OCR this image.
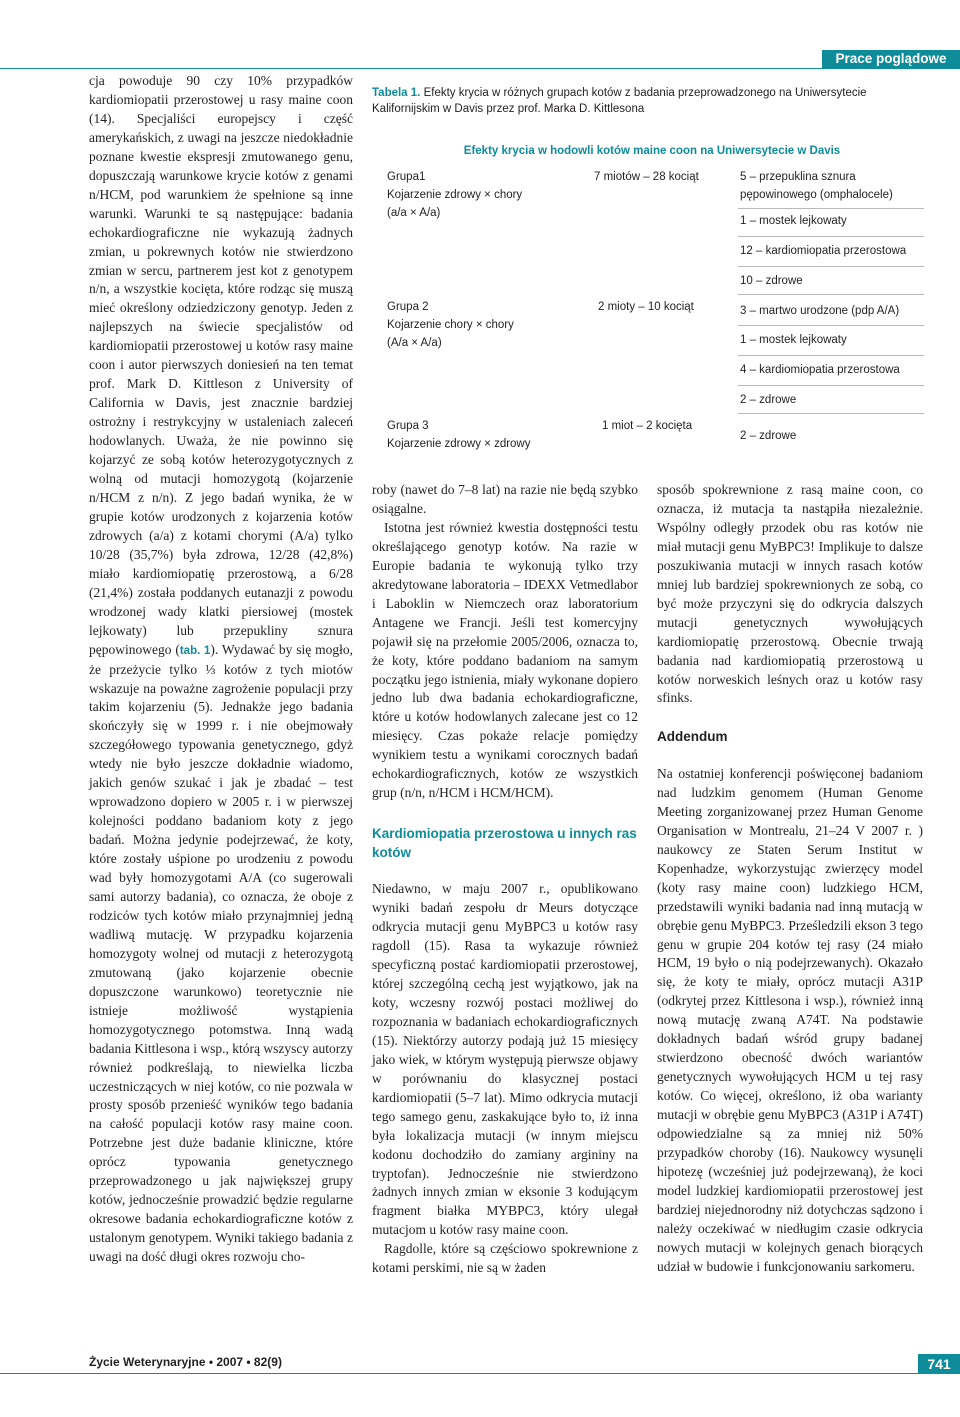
Prace poglądowe

cja powoduje 90 czy 10% przypadków kardiomiopatii przerostowej u rasy maine coon (14). Specjaliści europejscy i część amerykańskich, z uwagi na jeszcze niedokładnie poznane kwestie ekspresji zmutowanego genu, dopuszczają warunkowe krycie kotów z genami n/HCM, pod warunkiem że spełnione są inne warunki. Warunki te są następujące: badania echokardiograficzne nie wykazują żadnych zmian, u pokrewnych kotów nie stwierdzono zmian w sercu, partnerem jest kot z genotypem n/n, a wszystkie kocięta, które rodząc się muszą mieć określony odziedziczony genotyp. Jeden z najlepszych na świecie specjalistów od kardiomiopatii przerostowej u kotów rasy maine coon i autor pierwszych doniesień na ten temat prof. Mark D. Kittleson z University of California w Davis, jest znacznie bardziej ostrożny i restrykcyjny w ustaleniach zaleceń hodowlanych. Uważa, że nie powinno się kojarzyć ze sobą kotów heterozygotycznych z wolną od mutacji homozygotą (kojarzenie n/HCM z n/n). Z jego badań wynika, że w grupie kotów urodzonych z kojarzenia kotów zdrowych (a/a) z kotami chorymi (A/a) tylko 10/28 (35,7%) była zdrowa, 12/28 (42,8%) miało kardiomiopatię przerostową, a 6/28 (21,4%) została poddanych eutanazji z powodu wrodzonej wady klatki piersiowej (mostek lejkowaty) lub przepukliny sznura pępowinowego (tab. 1). Wydawać by się mogło, że przeżycie tylko ⅓ kotów z tych miotów wskazuje na poważne zagrożenie populacji przy takim kojarzeniu (5). Jednakże jego badania skończyły się w 1999 r. i nie obejmowały szczegółowego typowania genetycznego, gdyż wtedy nie było jeszcze dokładnie wiadomo, jakich genów szukać i jak je zbadać – test wprowadzono dopiero w 2005 r. i w pierwszej kolejności poddano badaniom koty z jego badań. Można jedynie podejrzewać, że koty, które zostały uśpione po urodzeniu z powodu wad były homozygotami A/A (co sugerowali sami autorzy badania), co oznacza, że oboje z rodziców tych kotów miało przynajmniej jedną wadliwą mutację. W przypadku kojarzenia homozygoty wolnej od mutacji z heterozygotą zmutowaną (jako kojarzenie obecnie dopuszczone warunkowo) teoretycznie nie istnieje możliwość wystąpienia homozygotycznego potomstwa. Inną wadą badania Kittlesona i wsp., którą wszyscy autorzy również podkreślają, to niewielka liczba uczestniczących w niej kotów, co nie pozwala w prosty sposób przenieść wyników tego badania na całość populacji kotów rasy maine coon. Potrzebne jest duże badanie kliniczne, które oprócz typowania genetycznego przeprowadzonego u jak największej grupy kotów, jednocześnie prowadzić będzie regularne okresowe badania echokardiograficzne kotów z ustalonym genotypem. Wyniki takiego badania z uwagi na dość długi okres rozwoju cho-

Tabela 1. Efekty krycia w różnych grupach kotów z badania przeprowadzonego na Uniwersytecie Kalifornijskim w Davis przez prof. Marka D. Kittlesona
Efekty krycia w hodowli kotów maine coon na Uniwersytecie w Davis
Grupa1
Kojarzenie zdrowy × chory
(a/a × A/a)
7 miotów – 28 kociąt	5 – przepuklina sznura pępowinowego (omphalocele)
1 – mostek lejkowaty
12 – kardiomiopatia przerostowa
10 – zdrowe
Grupa 2
Kojarzenie chory × chory
(A/a × A/a)
2 mioty – 10 kociąt	3 – martwo urodzone (pdp A/A)
1 – mostek lejkowaty
4 – kardiomiopatia przerostowa
2 – zdrowe
Grupa 3
Kojarzenie zdrowy × zdrowy
1 miot – 2 kocięta
2 – zdrowe

roby (nawet do 7–8 lat) na razie nie będą szybko osiągalne.

Istotna jest również kwestia dostępności testu określającego genotyp kotów. Na razie w Europie badania te wykonują tylko trzy akredytowane laboratoria – IDEXX Vetmedlabor i Laboklin w Niemczech oraz laboratorium Antagene we Francji. Jeśli test komercyjny pojawił się na przełomie 2005/2006, oznacza to, że koty, które poddano badaniom na samym początku jego istnienia, miały wykonane dopiero jedno lub dwa badania echokardiograficzne, które u kotów hodowlanych zalecane jest co 12 miesięcy. Czas pokaże relacje pomiędzy wynikiem testu a wynikami corocznych badań echokardiograficznych, kotów ze wszystkich grup (n/n, n/HCM i HCM/HCM).

Kardiomiopatia przerostowa u innych ras kotów

Niedawno, w maju 2007 r., opublikowano wyniki badań zespołu dr Meurs dotyczące odkrycia mutacji genu MyBPC3 u kotów rasy ragdoll (15). Rasa ta wykazuje również specyficzną postać kardiomiopatii przerostowej, której szczególną cechą jest wyjątkowo, jak na koty, wczesny rozwój postaci możliwej do rozpoznania w badaniach echokardiograficznych (15). Niektórzy autorzy podają już 15 miesięcy jako wiek, w którym występują pierwsze objawy w porównaniu do klasycznej postaci kardiomiopatii (5–7 lat). Mimo odkrycia mutacji tego samego genu, zaskakujące było to, iż inna była lokalizacja mutacji (w innym miejscu kodonu dochodziło do zamiany argininy na tryptofan). Jednocześnie nie stwierdzono żadnych innych zmian w eksonie 3 kodującym fragment białka MYBPC3, który ulegał mutacjom u kotów rasy maine coon.

Ragdolle, które są częściowo spokrewnione z kotami perskimi, nie są w żaden

sposób spokrewnione z rasą maine coon, co oznacza, iż mutacja ta nastąpiła niezależnie. Wspólny odległy przodek obu ras kotów nie miał mutacji genu MyBPC3! Implikuje to dalsze poszukiwania mutacji w innych rasach kotów mniej lub bardziej spokrewnionych ze sobą, co być może przyczyni się do odkrycia dalszych mutacji genetycznych wywołujących kardiomiopatię przerostową. Obecnie trwają badania nad kardiomiopatią przerostową u kotów norweskich leśnych oraz u kotów rasy sfinks.

Addendum

Na ostatniej konferencji poświęconej badaniom nad ludzkim genomem (Human Genome Meeting zorganizowanej przez Human Genome Organisation w Montrealu, 21–24 V 2007 r. ) naukowcy ze Staten Serum Institut w Kopenhadze, wykorzystując zwierzęcy model (koty rasy maine coon) ludzkiego HCM, przedstawili wyniki badania nad inną mutacją w obrębie genu MyBPC3. Prześledzili ekson 3 tego genu w grupie 204 kotów tej rasy (24 miało HCM, 19 było o nią podejrzewanych). Okazało się, że koty te miały, oprócz mutacji A31P (odkrytej przez Kittlesona i wsp.), również inną nową mutację zwaną A74T. Na podstawie dokładnych badań wśród grupy badanej stwierdzono obecność dwóch wariantów genetycznych wywołujących HCM u tej rasy kotów. Co więcej, określono, iż oba warianty mutacji w obrębie genu MyBPC3 (A31P i A74T) odpowiedzialne są za mniej niż 50% przypadków choroby (16). Naukowcy wysunęli hipotezę (wcześniej już podejrzewaną), że koci model ludzkiej kardiomiopatii przerostowej jest bardziej niejednorodny niż dotychczas sądzono i należy oczekiwać w niedługim czasie odkrycia nowych mutacji w kolejnych genach biorących udział w budowie i funkcjonowaniu sarkomeru.

Życie Weterynaryjne • 2007 • 82(9)	741
